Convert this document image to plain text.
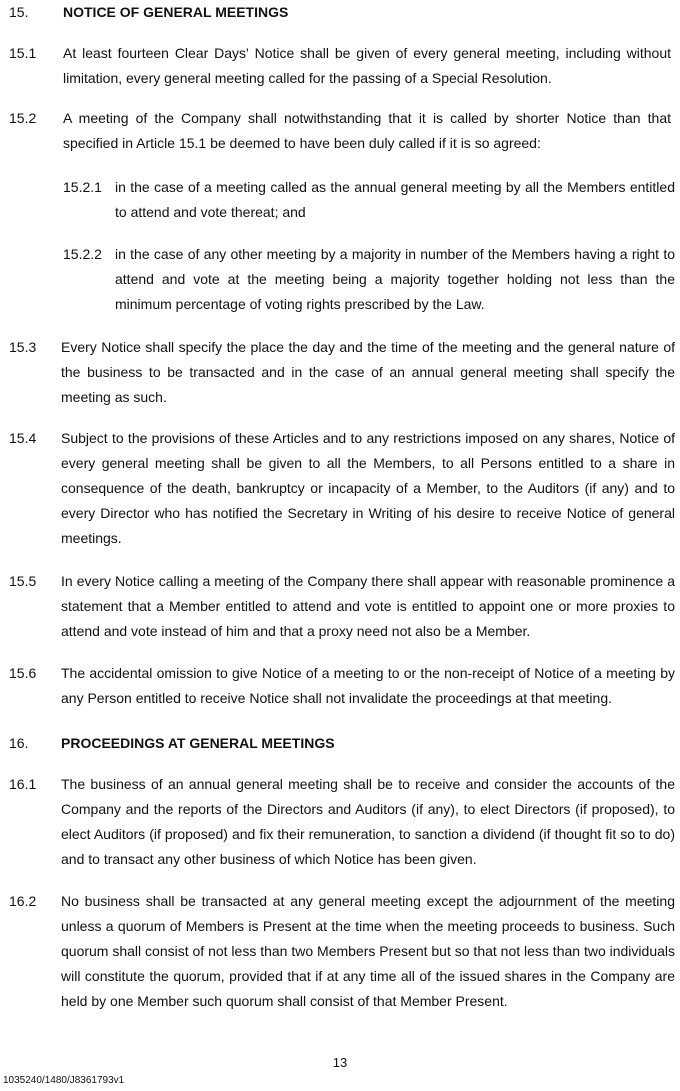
15. NOTICE OF GENERAL MEETINGS
15.1 At least fourteen Clear Days' Notice shall be given of every general meeting, including without limitation, every general meeting called for the passing of a Special Resolution.
15.2 A meeting of the Company shall notwithstanding that it is called by shorter Notice than that specified in Article 15.1 be deemed to have been duly called if it is so agreed:
15.2.1 in the case of a meeting called as the annual general meeting by all the Members entitled to attend and vote thereat; and
15.2.2 in the case of any other meeting by a majority in number of the Members having a right to attend and vote at the meeting being a majority together holding not less than the minimum percentage of voting rights prescribed by the Law.
15.3 Every Notice shall specify the place the day and the time of the meeting and the general nature of the business to be transacted and in the case of an annual general meeting shall specify the meeting as such.
15.4 Subject to the provisions of these Articles and to any restrictions imposed on any shares, Notice of every general meeting shall be given to all the Members, to all Persons entitled to a share in consequence of the death, bankruptcy or incapacity of a Member, to the Auditors (if any) and to every Director who has notified the Secretary in Writing of his desire to receive Notice of general meetings.
15.5 In every Notice calling a meeting of the Company there shall appear with reasonable prominence a statement that a Member entitled to attend and vote is entitled to appoint one or more proxies to attend and vote instead of him and that a proxy need not also be a Member.
15.6 The accidental omission to give Notice of a meeting to or the non-receipt of Notice of a meeting by any Person entitled to receive Notice shall not invalidate the proceedings at that meeting.
16. PROCEEDINGS AT GENERAL MEETINGS
16.1 The business of an annual general meeting shall be to receive and consider the accounts of the Company and the reports of the Directors and Auditors (if any), to elect Directors (if proposed), to elect Auditors (if proposed) and fix their remuneration, to sanction a dividend (if thought fit so to do) and to transact any other business of which Notice has been given.
16.2 No business shall be transacted at any general meeting except the adjournment of the meeting unless a quorum of Members is Present at the time when the meeting proceeds to business. Such quorum shall consist of not less than two Members Present but so that not less than two individuals will constitute the quorum, provided that if at any time all of the issued shares in the Company are held by one Member such quorum shall consist of that Member Present.
13
1035240/1480/J8361793v1
